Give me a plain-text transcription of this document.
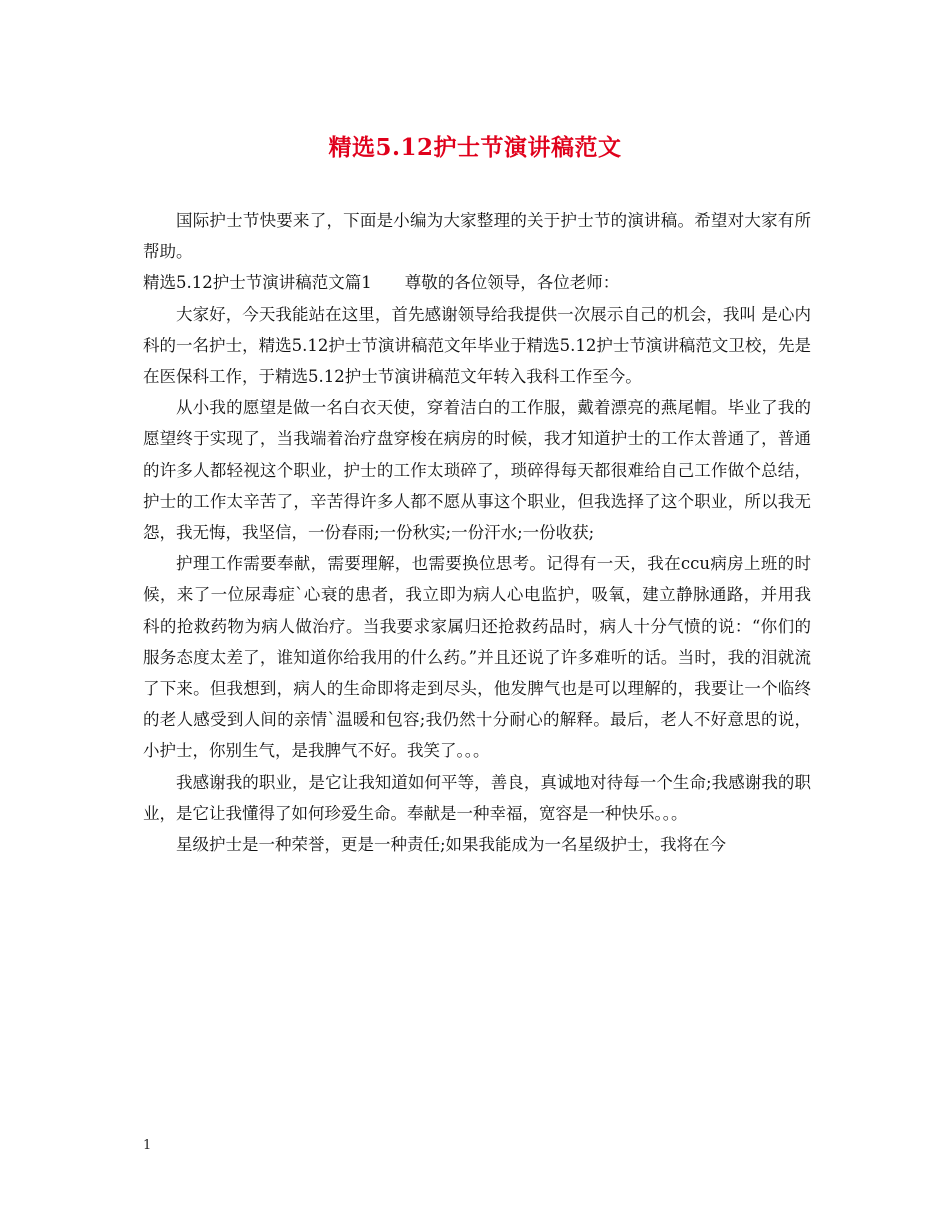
精选5.12护士节演讲稿范文

国际护士节快要来了，下面是小编为大家整理的关于护士节的演讲稿。希望对大家有所帮助。

精选5.12护士节演讲稿范文篇1　　尊敬的各位领导，各位老师：

大家好，今天我能站在这里，首先感谢领导给我提供一次展示自己的机会，我叫 是心内科的一名护士，精选5.12护士节演讲稿范文年毕业于精选5.12护士节演讲稿范文卫校，先是在医保科工作，于精选5.12护士节演讲稿范文年转入我科工作至今。

从小我的愿望是做一名白衣天使，穿着洁白的工作服，戴着漂亮的燕尾帽。毕业了我的愿望终于实现了，当我端着治疗盘穿梭在病房的时候，我才知道护士的工作太普通了，普通的许多人都轻视这个职业，护士的工作太琐碎了，琐碎得每天都很难给自己工作做个总结，护士的工作太辛苦了，辛苦得许多人都不愿从事这个职业，但我选择了这个职业，所以我无怨，我无悔，我坚信，一份春雨;一份秋实;一份汗水;一份收获;

护理工作需要奉献，需要理解，也需要换位思考。记得有一天，我在ccu病房上班的时候，来了一位尿毒症`心衰的患者，我立即为病人心电监护，吸氧，建立静脉通路，并用我科的抢救药物为病人做治疗。当我要求家属归还抢救药品时，病人十分气愤的说：“你们的服务态度太差了，谁知道你给我用的什么药。”并且还说了许多难听的话。当时，我的泪就流了下来。但我想到，病人的生命即将走到尽头，他发脾气也是可以理解的，我要让一个临终的老人感受到人间的亲情`温暖和包容;我仍然十分耐心的解释。最后，老人不好意思的说，小护士，你别生气，是我脾气不好。我笑了。。。

我感谢我的职业，是它让我知道如何平等，善良，真诚地对待每一个生命;我感谢我的职业，是它让我懂得了如何珍爱生命。奉献是一种幸福，宽容是一种快乐。。。

星级护士是一种荣誉，更是一种责任;如果我能成为一名星级护士，我将在今

1
